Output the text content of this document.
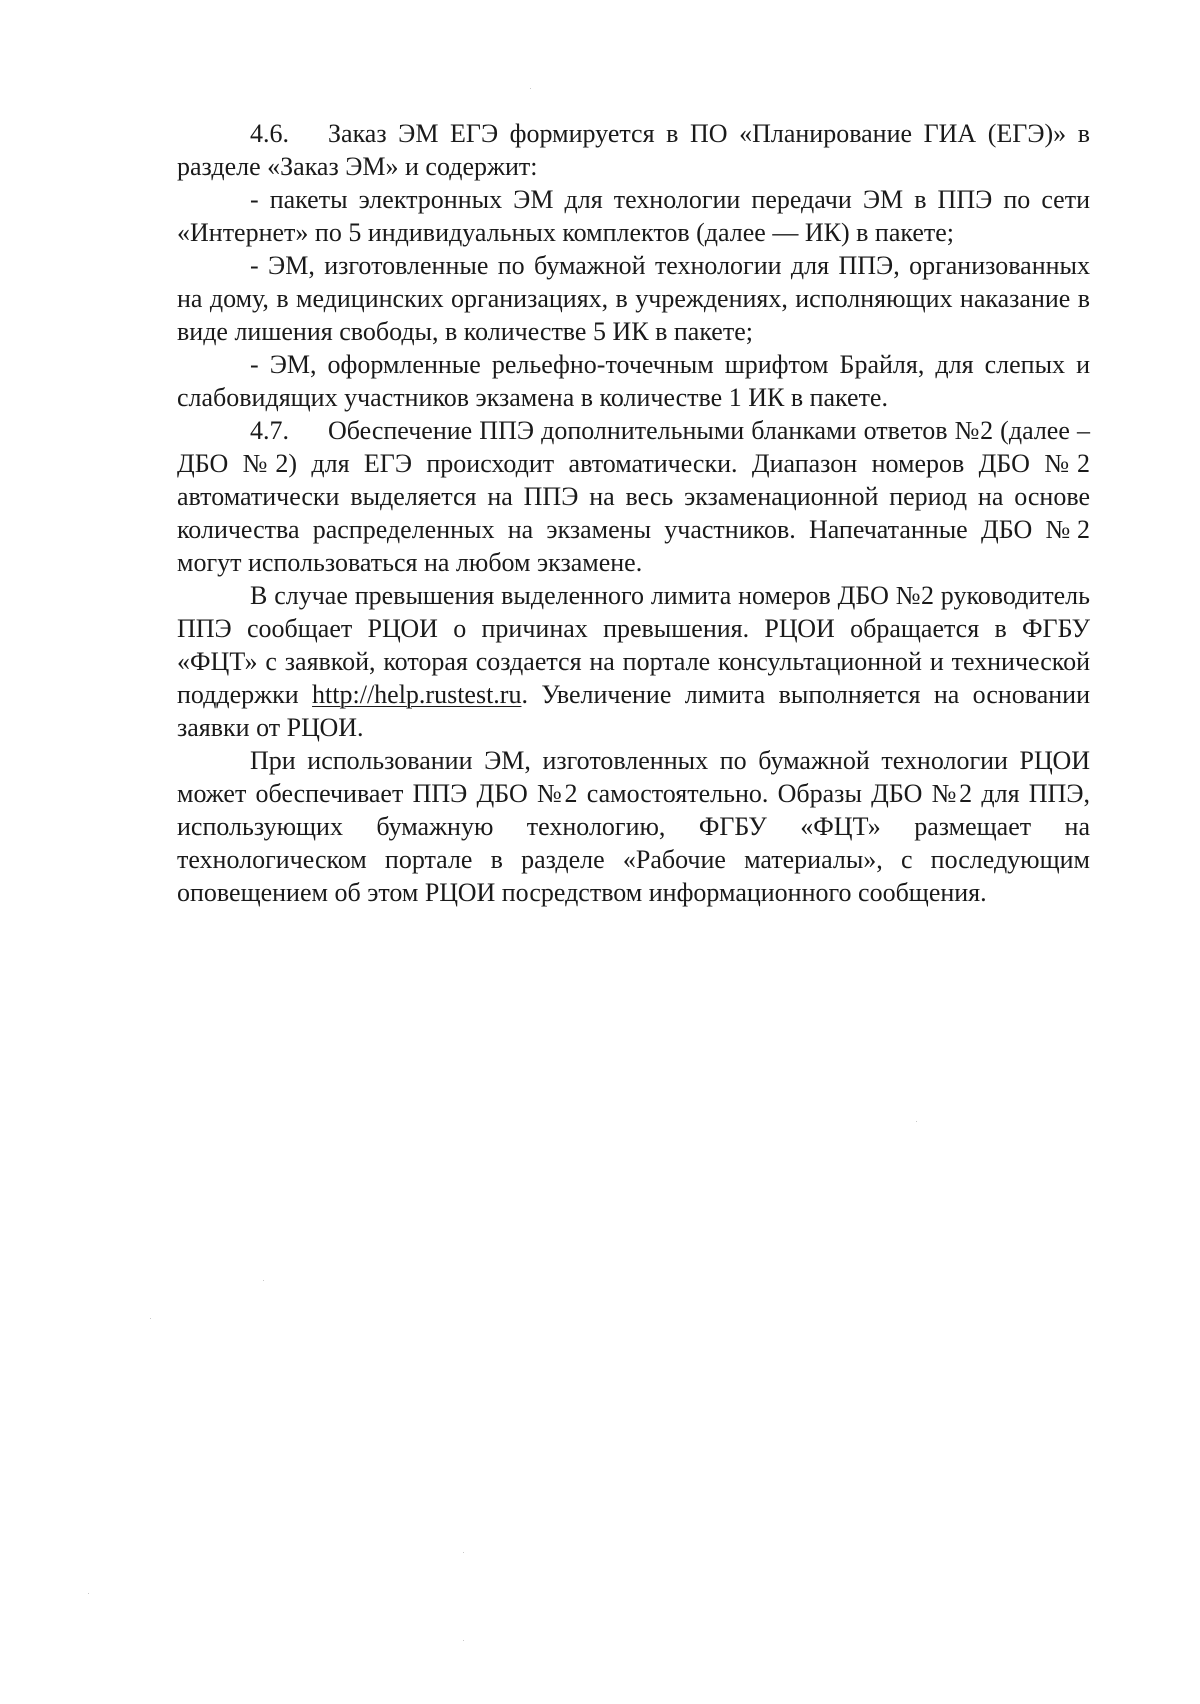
4.6. Заказ ЭМ ЕГЭ формируется в ПО «Планирование ГИА (ЕГЭ)» в разделе «Заказ ЭМ» и содержит:

- пакеты электронных ЭМ для технологии передачи ЭМ в ППЭ по сети «Интернет» по 5 индивидуальных комплектов (далее — ИК) в пакете;

- ЭМ, изготовленные по бумажной технологии для ППЭ, организованных на дому, в медицинских организациях, в учреждениях, исполняющих наказание в виде лишения свободы, в количестве 5 ИК в пакете;

- ЭМ, оформленные рельефно-точечным шрифтом Брайля, для слепых и слабовидящих участников экзамена в количестве 1 ИК в пакете.

4.7. Обеспечение ППЭ дополнительными бланками ответов №2 (далее – ДБО №2) для ЕГЭ происходит автоматически. Диапазон номеров ДБО №2 автоматически выделяется на ППЭ на весь экзаменационной период на основе количества распределенных на экзамены участников. Напечатанные ДБО №2 могут использоваться на любом экзамене.

В случае превышения выделенного лимита номеров ДБО №2 руководитель ППЭ сообщает РЦОИ о причинах превышения. РЦОИ обращается в ФГБУ «ФЦТ» с заявкой, которая создается на портале консультационной и технической поддержки http://help.rustest.ru. Увеличение лимита выполняется на основании заявки от РЦОИ.

При использовании ЭМ, изготовленных по бумажной технологии РЦОИ может обеспечивает ППЭ ДБО №2 самостоятельно. Образы ДБО №2 для ППЭ, использующих бумажную технологию, ФГБУ «ФЦТ» размещает на технологическом портале в разделе «Рабочие материалы», с последующим оповещением об этом РЦОИ посредством информационного сообщения.
